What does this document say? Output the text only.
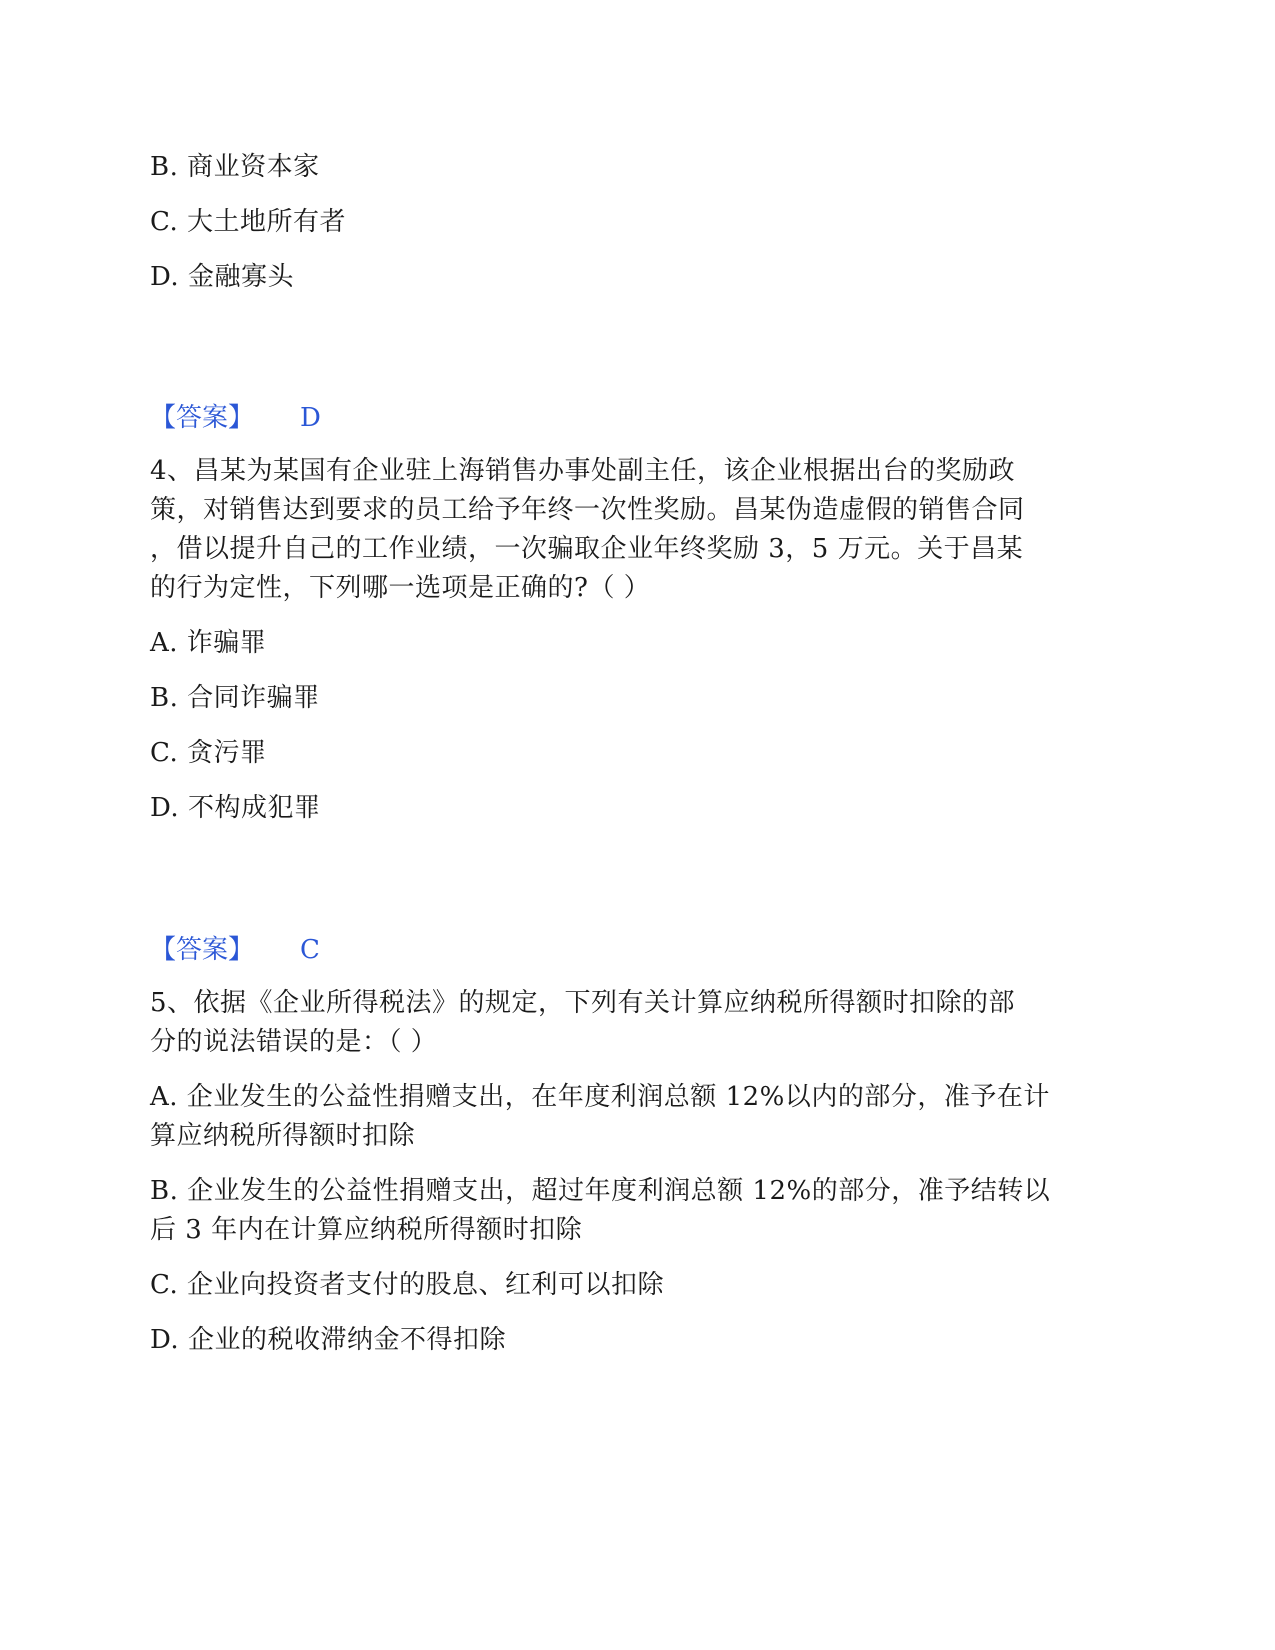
B. 商业资本家
C. 大土地所有者
D. 金融寡头
【答案】 D
4、昌某为某国有企业驻上海销售办事处副主任，该企业根据出台的奖励政
策，对销售达到要求的员工给予年终一次性奖励。昌某伪造虚假的销售合同
，借以提升自己的工作业绩，一次骗取企业年终奖励 3，5 万元。关于昌某
的行为定性，下列哪一选项是正确的?（ ）
A. 诈骗罪
B. 合同诈骗罪
C. 贪污罪
D. 不构成犯罪
【答案】 C
5、依据《企业所得税法》的规定，下列有关计算应纳税所得额时扣除的部
分的说法错误的是：（ ）
A. 企业发生的公益性捐赠支出，在年度利润总额 12%以内的部分，准予在计
算应纳税所得额时扣除
B. 企业发生的公益性捐赠支出，超过年度利润总额 12%的部分，准予结转以
后 3 年内在计算应纳税所得额时扣除
C. 企业向投资者支付的股息、红利可以扣除
D. 企业的税收滞纳金不得扣除
